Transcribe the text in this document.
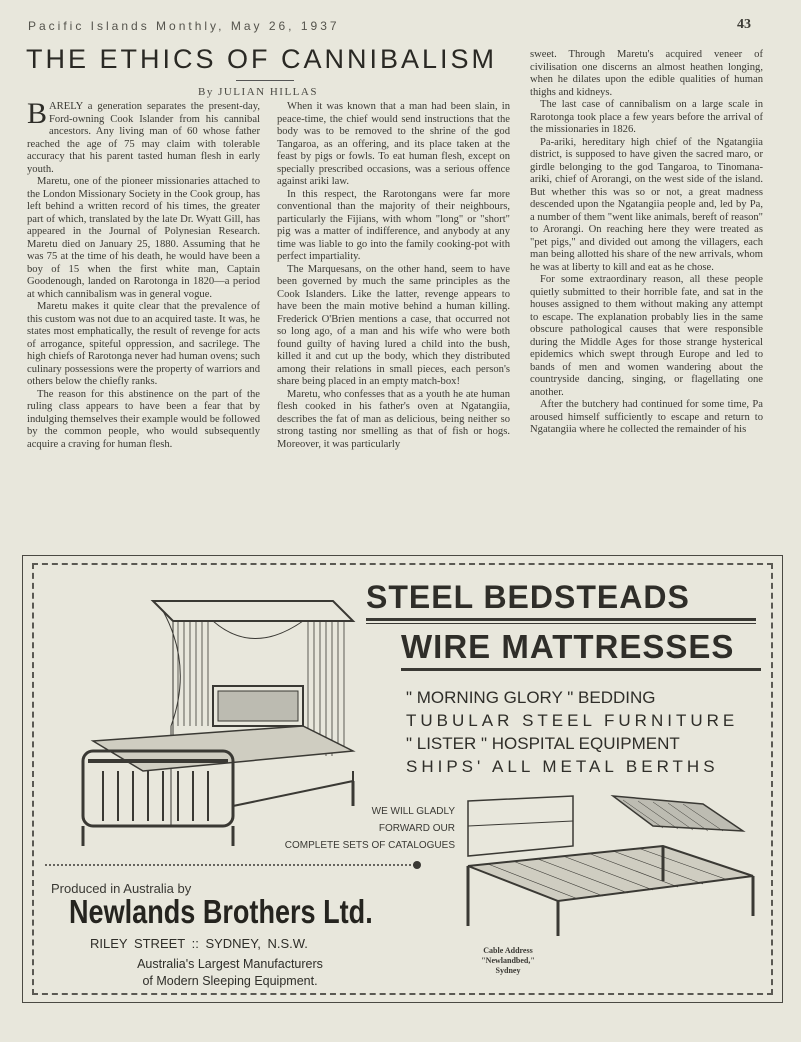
Pacific Islands Monthly, May 26, 1937	43
THE ETHICS OF CANNIBALISM
By JULIAN HILLAS

BARELY a generation separates the present-day, Ford-owning Cook Islander from his cannibal ancestors. Any living man of 60 whose father reached the age of 75 may claim with tolerable accuracy that his parent tasted human flesh in early youth.

Maretu, one of the pioneer missionaries attached to the London Missionary Society in the Cook group, has left behind a written record of his times, the greater part of which, translated by the late Dr. Wyatt Gill, has appeared in the Journal of Polynesian Research. Maretu died on January 25, 1880. Assuming that he was 75 at the time of his death, he would have been a boy of 15 when the first white man, Captain Goodenough, landed on Rarotonga in 1820—a period at which cannibalism was in general vogue.

Maretu makes it quite clear that the prevalence of this custom was not due to an acquired taste. It was, he states most emphatically, the result of revenge for acts of arrogance, spiteful oppression, and sacrilege. The high chiefs of Rarotonga never had human ovens; such culinary possessions were the property of warriors and others below the chiefly ranks.

The reason for this abstinence on the part of the ruling class appears to have been a fear that by indulging themselves their example would be followed by the common people, who would subsequently acquire a craving for human flesh.

When it was known that a man had been slain, in peace-time, the chief would send instructions that the body was to be removed to the shrine of the god Tangaroa, as an offering, and its place taken at the feast by pigs or fowls. To eat human flesh, except on specially prescribed occasions, was a serious offence against ariki law.

In this respect, the Rarotongans were far more conventional than the majority of their neighbours, particularly the Fijians, with whom "long" or "short" pig was a matter of indifference, and anybody at any time was liable to go into the family cooking-pot with perfect impartiality.

The Marquesans, on the other hand, seem to have been governed by much the same principles as the Cook Islanders. Like the latter, revenge appears to have been the main motive behind a human killing. Frederick O'Brien mentions a case, that occurred not so long ago, of a man and his wife who were both found guilty of having lured a child into the bush, killed it and cut up the body, which they distributed among their relations in small pieces, each person's share being placed in an empty match-box!

Maretu, who confesses that as a youth he ate human flesh cooked in his father's oven at Ngatangiia, describes the fat of man as delicious, being neither so strong tasting nor smelling as that of fish or hogs. Moreover, it was particularly

sweet. Through Maretu's acquired veneer of civilisation one discerns an almost heathen longing, when he dilates upon the edible qualities of human thighs and kidneys.

The last case of cannibalism on a large scale in Rarotonga took place a few years before the arrival of the missionaries in 1826.

Pa-ariki, hereditary high chief of the Ngatangiia district, is supposed to have given the sacred maro, or girdle belonging to the god Tangaroa, to Tinomana-ariki, chief of Arorangi, on the west side of the island. But whether this was so or not, a great madness descended upon the Ngatangiia people and, led by Pa, a number of them "went like animals, bereft of reason" to Arorangi. On reaching here they were treated as "pet pigs," and divided out among the villagers, each man being allotted his share of the new arrivals, whom he was at liberty to kill and eat as he chose.

For some extraordinary reason, all these people quietly submitted to their horrible fate, and sat in the houses assigned to them without making any attempt to escape. The explanation probably lies in the same obscure pathological causes that were responsible during the Middle Ages for those strange hysterical epidemics which swept through Europe and led to bands of men and women wandering about the countryside dancing, singing, or flagellating one another.

After the butchery had continued for some time, Pa aroused himself sufficiently to escape and return to Ngatangiia where he collected the remainder of his

STEEL BEDSTEADS
WIRE MATTRESSES
" MORNING GLORY " BEDDING
TUBULAR STEEL FURNITURE
" LISTER " HOSPITAL EQUIPMENT
SHIPS' ALL METAL BERTHS
WE WILL GLADLY
FORWARD OUR
COMPLETE SETS OF CATALOGUES
Produced in Australia by
Newlands Brothers Ltd.
RILEY STREET :: SYDNEY, N.S.W.
Australia's Largest Manufacturers
of Modern Sleeping Equipment.
Cable Address
"Newlandbed,"
Sydney
